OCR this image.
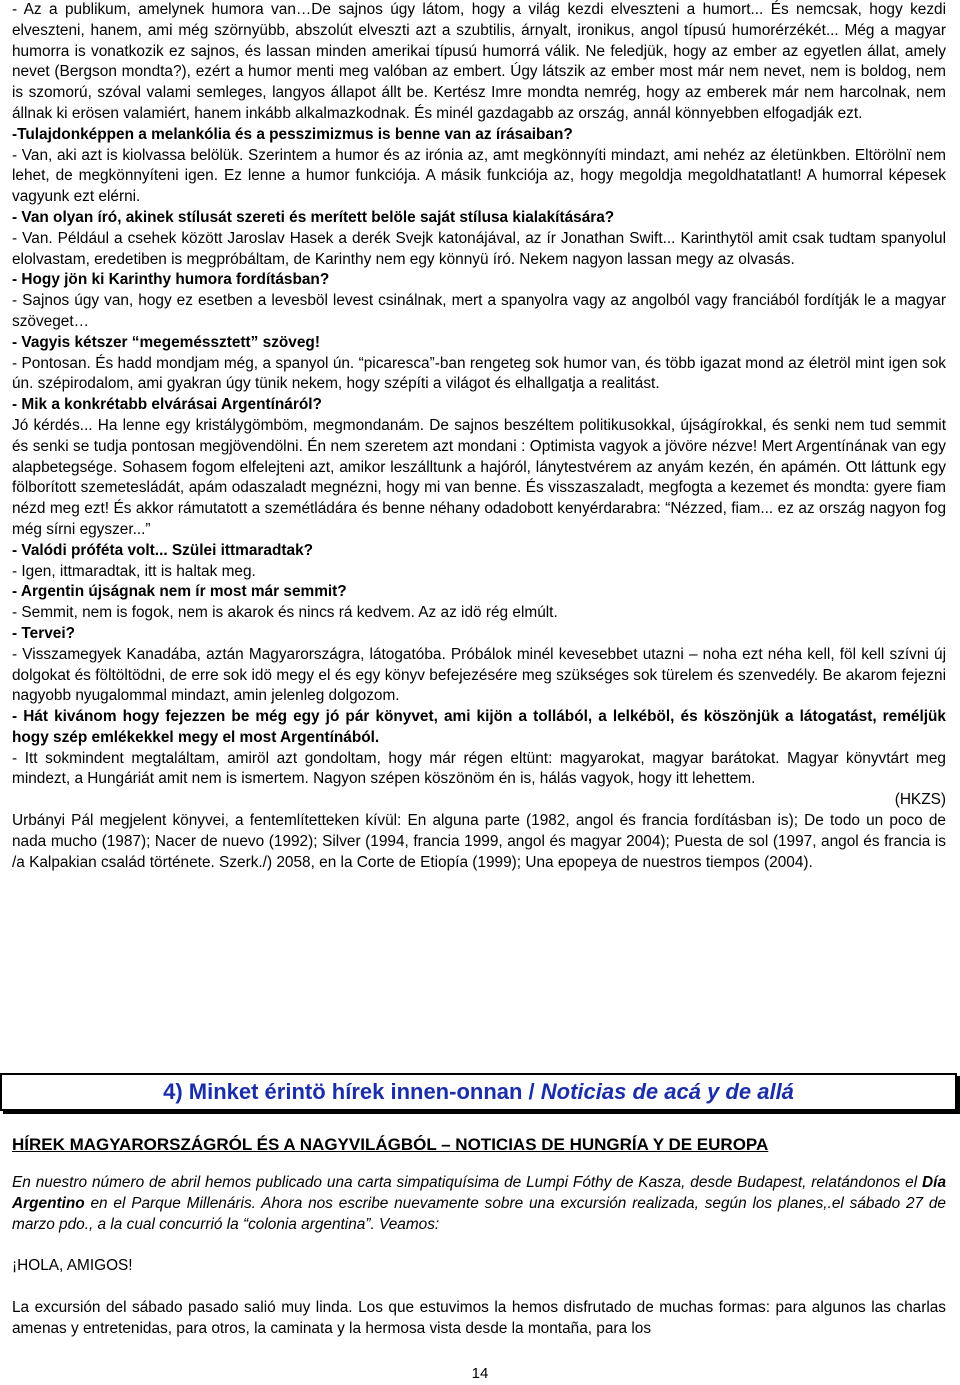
- Az a publikum, amelynek humora van…De sajnos úgy látom, hogy a világ kezdi elveszteni a humort... És nemcsak, hogy kezdi elveszteni, hanem, ami még szörnyübb, abszolút elveszti azt a szubtilis, árnyalt, ironikus, angol típusú humorérzékét... Még a magyar humorra is vonatkozik ez sajnos, és lassan minden amerikai típusú humorrá válik. Ne feledjük, hogy az ember az egyetlen állat, amely nevet (Bergson mondta?), ezért a humor menti meg valóban az embert. Úgy látszik az ember most már nem nevet, nem is boldog, nem is szomorú, szóval valami semleges, langyos állapot állt be. Kertész Imre mondta nemrég, hogy az emberek már nem harcolnak, nem állnak ki erösen valamiért, hanem inkább alkalmazkodnak. És minél gazdagabb az ország, annál könnyebben elfogadják ezt.

-Tulajdonképpen a melankólia és a pesszimizmus is benne van az írásaiban?

- Van, aki azt is kiolvassa belölük. Szerintem a humor és az irónia az, amt megkönnyíti mindazt, ami nehéz az életünkben. Eltörölnï nem lehet, de megkönnyíteni igen. Ez lenne a humor funkciója. A másik funkciója az, hogy megoldja megoldhatatlant! A humorral képesek vagyunk ezt elérni.

- Van olyan író, akinek stílusát szereti és merített belöle saját stílusa kialakítására?

- Van. Például a csehek között Jaroslav Hasek a derék Svejk katonájával, az ír Jonathan Swift... Karinthytöl amit csak tudtam spanyolul elolvastam, eredetiben is megpróbáltam, de Karinthy nem egy könnyü író. Nekem nagyon lassan megy az olvasás.

- Hogy jön ki Karinthy humora fordításban?

- Sajnos úgy van, hogy ez esetben a levesböl levest csinálnak, mert a spanyolra vagy az angolból vagy franciából fordítják le a magyar szöveget…

- Vagyis kétszer “megeméssztett” szöveg!

- Pontosan. És hadd mondjam még, a spanyol ún. “picaresca”-ban rengeteg sok humor van, és több igazat mond az életröl mint igen sok ún. szépirodalom, ami gyakran úgy tünik nekem, hogy szépíti a világot és elhallgatja a realitást.

- Mik a konkrétabb elvárásai Argentínáról?

Jó kérdés... Ha lenne egy kristálygömböm, megmondanám. De sajnos beszéltem politikusokkal, újságírokkal, és senki nem tud semmit és senki se tudja pontosan megjövendölni. Én nem szeretem azt mondani : Optimista vagyok a jövöre nézve! Mert Argentínának van egy alapbetegsége. Sohasem fogom elfelejteni azt, amikor leszálltunk a hajóról, lánytestvérem az anyám kezén, én apámén. Ott láttunk egy fölborított szemetesládát, apám odaszaladt megnézni, hogy mi van benne. És visszaszaladt, megfogta a kezemet és mondta: gyere fiam nézd meg ezt! És akkor rámutatott a szemétládára és benne néhany odadobott kenyérdarabra: “Nézzed, fiam... ez az ország nagyon fog még sírni egyszer...”

- Valódi próféta volt... Szülei ittmaradtak?

- Igen, ittmaradtak, itt is haltak meg.

- Argentin újságnak nem ír most már semmit?

- Semmit, nem is fogok, nem is akarok és nincs rá kedvem. Az az idö rég elmúlt.

- Tervei?

- Visszamegyek Kanadába, aztán Magyarországra, látogatóba. Próbálok minél kevesebbet utazni – noha ezt néha kell, föl kell szívni új dolgokat és föltöltödni, de erre sok idö megy el és egy könyv befejezésére meg szükséges sok türelem és szenvedély. Be akarom fejezni nagyobb nyugalommal mindazt, amin jelenleg dolgozom.

- Hát kivánom hogy fejezzen be még egy jó pár könyvet, ami kijön a tollából, a lelkéböl, és köszönjük a látogatást, reméljük hogy szép emlékekkel megy el most Argentínából.

- Itt sokmindent megtaláltam, amiröl azt gondoltam, hogy már régen eltünt: magyarokat, magyar barátokat. Magyar könyvtárt meg mindezt, a Hungáriát amit nem is ismertem. Nagyon szépen köszönöm én is, hálás vagyok, hogy itt lehettem.

(HKZS)

Urbányi Pál megjelent könyvei, a fentemlítetteken kívül: En alguna parte (1982, angol és francia fordításban is); De todo un poco de nada mucho (1987); Nacer de nuevo (1992); Silver (1994, francia 1999, angol és magyar 2004); Puesta de sol (1997, angol és francia is /a Kalpakian család története. Szerk./) 2058, en la Corte de Etiopía (1999); Una epopeya de nuestros tiempos (2004).

4) Minket érintö hírek innen-onnan / Noticias de acá y de allá

HÍREK MAGYARORSZÁGRÓL ÉS A NAGYVILÁGBÓL – NOTICIAS DE HUNGRÍA Y DE EUROPA

En nuestro número de abril hemos publicado una carta simpatiquísima de Lumpi Fóthy de Kasza, desde Budapest, relatándonos el Día Argentino en el Parque Millenáris. Ahora nos escribe nuevamente sobre una excursión realizada, según los planes,.el sábado 27 de marzo pdo., a la cual concurrió la “colonia argentina”. Veamos:

¡HOLA, AMIGOS!

La excursión del sábado pasado salió muy linda. Los que estuvimos la hemos disfrutado de muchas formas: para algunos las charlas amenas y entretenidas, para otros, la caminata y la hermosa vista desde la montaña, para los

14
